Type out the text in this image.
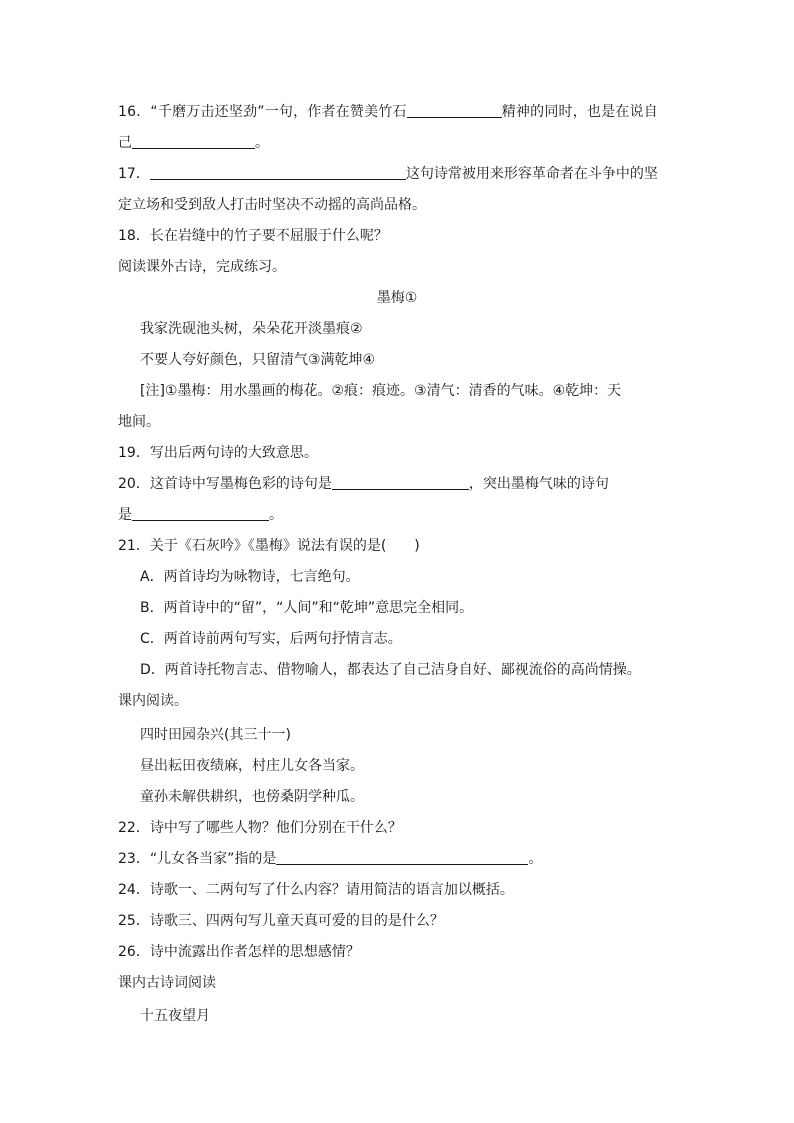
16．“千磨万击还坚劲”一句，作者在赞美竹石	精神的同时，也是在说自
己	。
17．	这句诗常被用来形容革命者在斗争中的坚
定立场和受到敌人打击时坚决不动摇的高尚品格。
18．长在岩缝中的竹子要不屈服于什么呢？
阅读课外古诗，完成练习。
墨梅①
我家洗砚池头树，朵朵花开淡墨痕②
不要人夸好颜色，只留清气③满乾坤④
[注]①墨梅：用水墨画的梅花。②痕：痕迹。③清气：清香的气味。④乾坤：天
地间。
19．写出后两句诗的大致意思。
20．这首诗中写墨梅色彩的诗句是	，突出墨梅气味的诗句
是	。
21．关于《石灰吟》《墨梅》说法有误的是(　　)
A．两首诗均为咏物诗，七言绝句。
B．两首诗中的“留”，“人间”和“乾坤”意思完全相同。
C．两首诗前两句写实，后两句抒情言志。
D．两首诗托物言志、借物喻人，都表达了自己洁身自好、鄙视流俗的高尚情操。
课内阅读。
四时田园杂兴(其三十一)
昼出耘田夜绩麻，村庄儿女各当家。
童孙未解供耕织，也傍桑阴学种瓜。
22．诗中写了哪些人物？他们分别在干什么？
23．“儿女各当家”指的是	。
24．诗歌一、二两句写了什么内容？请用简洁的语言加以概括。
25．诗歌三、四两句写儿童天真可爱的目的是什么？
26．诗中流露出作者怎样的思想感情？
课内古诗词阅读
十五夜望月
